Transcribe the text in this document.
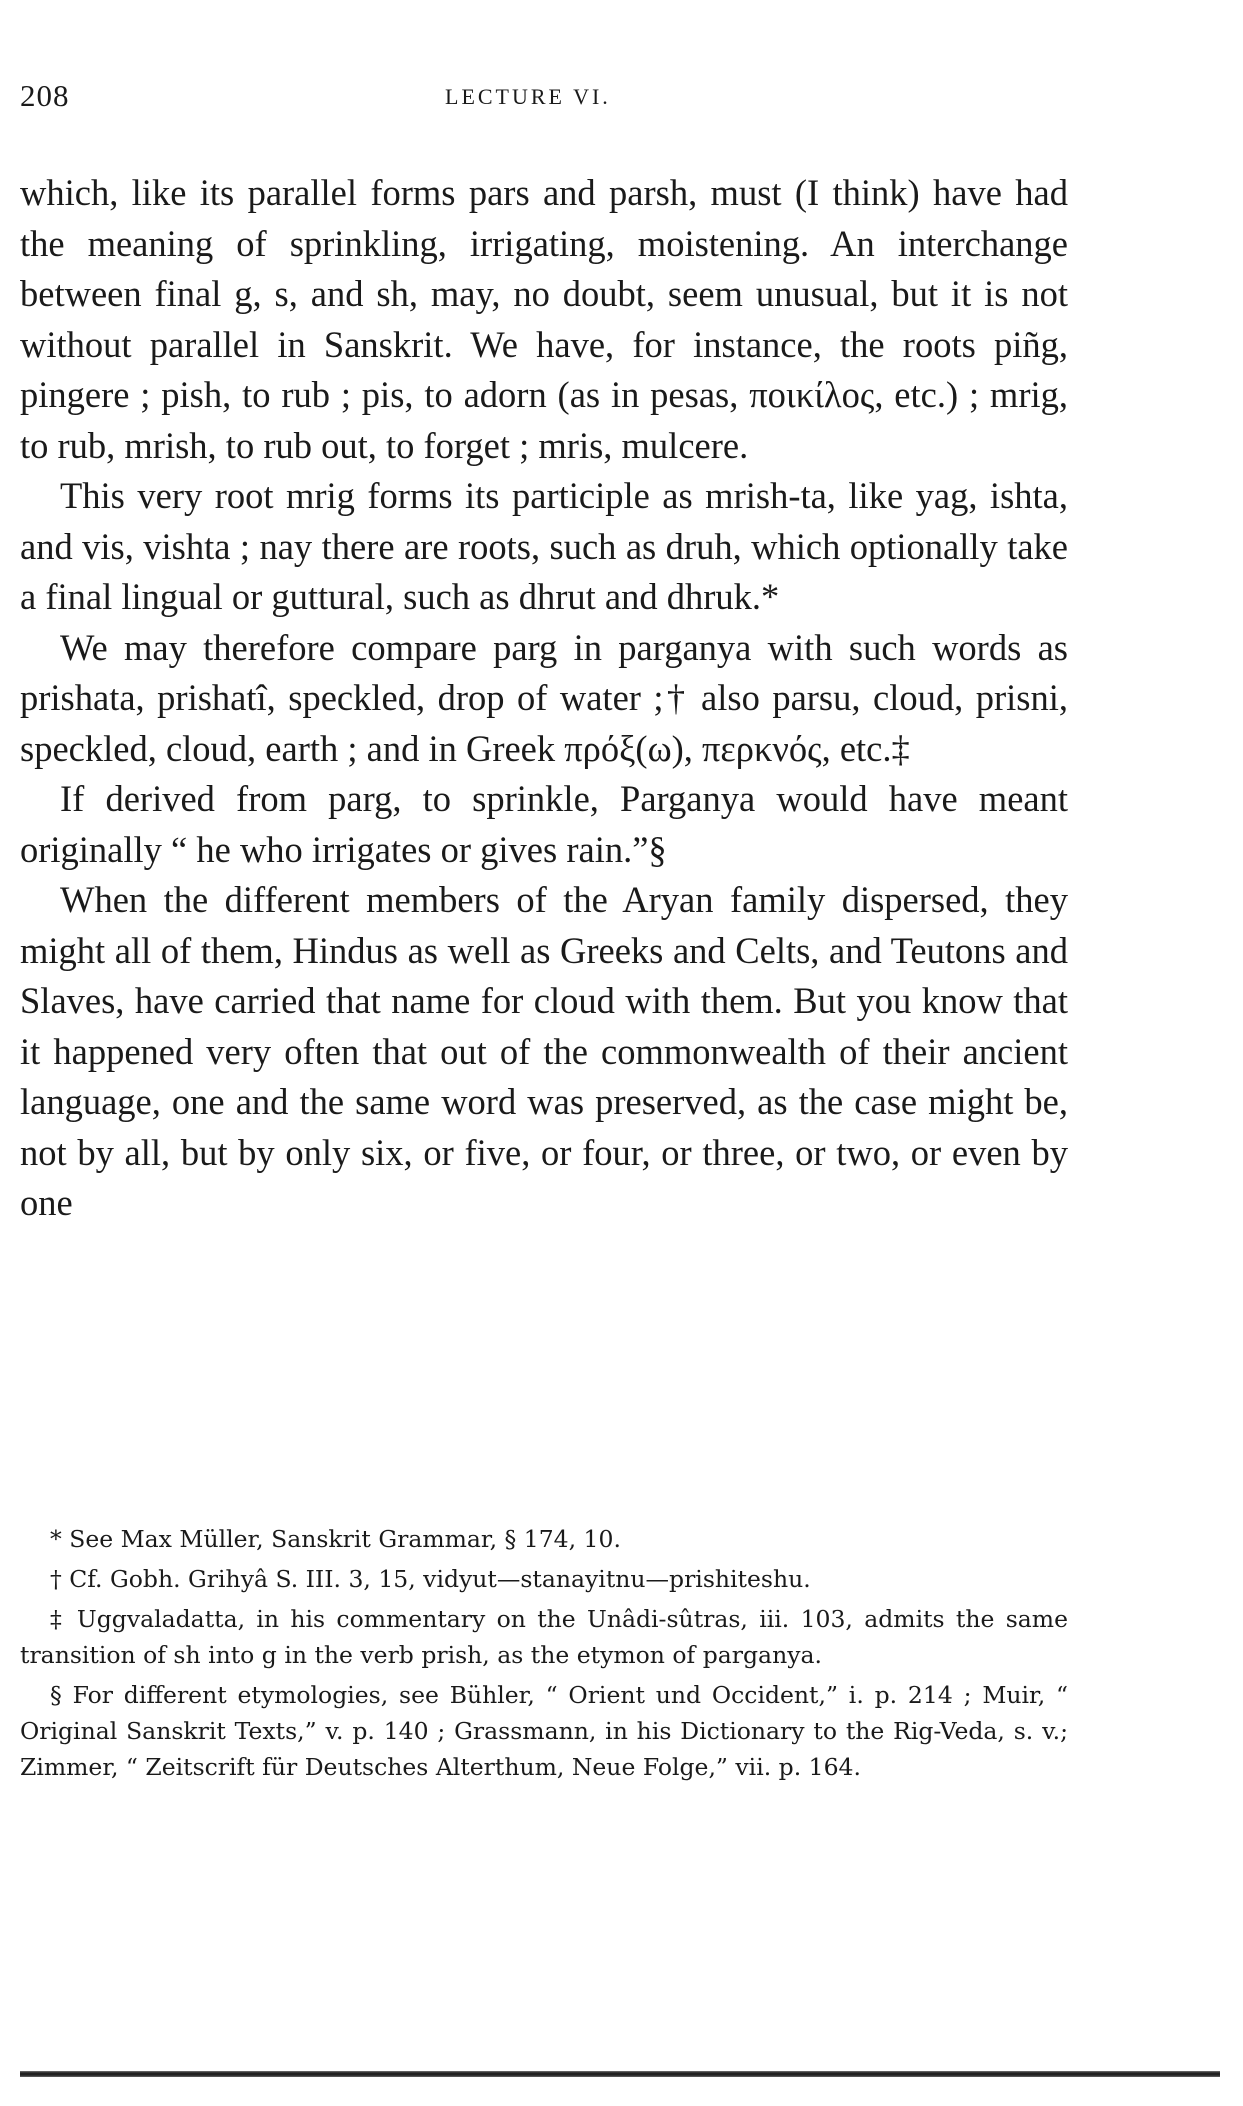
208	LECTURE VI.

which, like its parallel forms pars and parsh, must (I think) have had the meaning of sprinkling, irrigating, moistening. An interchange between final g, s, and sh, may, no doubt, seem unusual, but it is not without parallel in Sanskrit. We have, for instance, the roots piñg, pingere ; pish, to rub ; pis, to adorn (as in pesas, ποικίλος, etc.) ; mrig, to rub, mrish, to rub out, to forget ; mris, mulcere.

This very root mrig forms its participle as mrish-ta, like yag, ishta, and vis, vishta ; nay there are roots, such as druh, which optionally take a final lingual or guttural, such as dhrut and dhruk.*

We may therefore compare parg in parganya with such words as prishata, prishatî, speckled, drop of water ;† also parsu, cloud, prisni, speckled, cloud, earth ; and in Greek πρόξ(ω), περκνός, etc.‡

If derived from parg, to sprinkle, Parganya would have meant originally “ he who irrigates or gives rain.”§

When the different members of the Aryan family dispersed, they might all of them, Hindus as well as Greeks and Celts, and Teutons and Slaves, have carried that name for cloud with them. But you know that it happened very often that out of the commonwealth of their ancient language, one and the same word was preserved, as the case might be, not by all, but by only six, or five, or four, or three, or two, or even by one

* See Max Müller, Sanskrit Grammar, § 174, 10.

† Cf. Gobh. Grihyâ S. III. 3, 15, vidyut—stanayitnu—prishiteshu.

‡ Uggvaladatta, in his commentary on the Unâdi-sûtras, iii. 103, admits the same transition of sh into g in the verb prish, as the etymon of parganya.

§ For different etymologies, see Bühler, “ Orient und Occident,” i. p. 214 ; Muir, “ Original Sanskrit Texts,” v. p. 140 ; Grassmann, in his Dictionary to the Rig-Veda, s. v.; Zimmer, “ Zeitscrift für Deutsches Alterthum, Neue Folge,” vii. p. 164.
